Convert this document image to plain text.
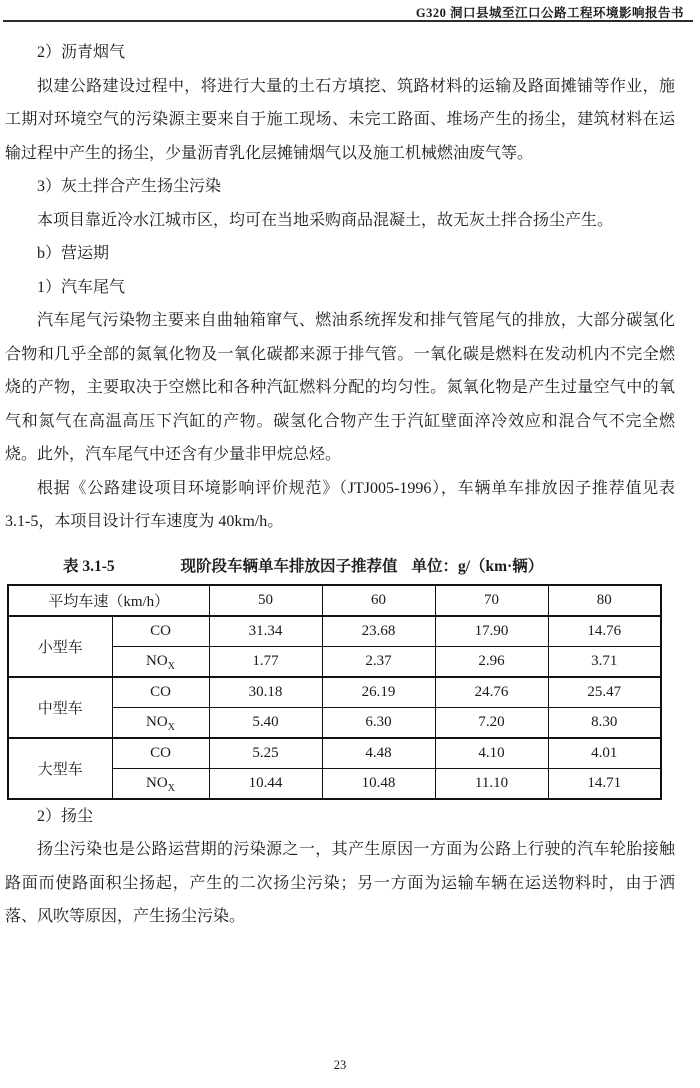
G320 洞口县城至江口公路工程环境影响报告书

2）沥青烟气

拟建公路建设过程中，将进行大量的土石方填挖、筑路材料的运输及路面摊铺等作业，施工期对环境空气的污染源主要来自于施工现场、未完工路面、堆场产生的扬尘，建筑材料在运输过程中产生的扬尘，少量沥青乳化层摊铺烟气以及施工机械燃油废气等。

3）灰土拌合产生扬尘污染

本项目靠近冷水江城市区，均可在当地采购商品混凝土，故无灰土拌合扬尘产生。

b）营运期

1）汽车尾气

汽车尾气污染物主要来自曲轴箱窜气、燃油系统挥发和排气管尾气的排放，大部分碳氢化合物和几乎全部的氮氧化物及一氧化碳都来源于排气管。一氧化碳是燃料在发动机内不完全燃烧的产物，主要取决于空燃比和各种汽缸燃料分配的均匀性。氮氧化物是产生过量空气中的氧气和氮气在高温高压下汽缸的产物。碳氢化合物产生于汽缸壁面淬冷效应和混合气不完全燃烧。此外，汽车尾气中还含有少量非甲烷总烃。

根据《公路建设项目环境影响评价规范》（JTJ005-1996），车辆单车排放因子推荐值见表 3.1-5，本项目设计行车速度为 40km/h。

表 3.1-5	现阶段车辆单车排放因子推荐值 单位：g/（km·辆）
平均车速（km/h）		50	60	70	80
小型车	CO	31.34	23.68	17.90	14.76
	$NO_X$	1.77	2.37	2.96	3.71
中型车	CO	30.18	26.19	24.76	25.47
	$NO_X$	5.40	6.30	7.20	8.30
大型车	CO	5.25	4.48	4.10	4.01
	$NO_X$	10.44	10.48	11.10	14.71

2）扬尘

扬尘污染也是公路运营期的污染源之一，其产生原因一方面为公路上行驶的汽车轮胎接触路面而使路面积尘扬起，产生的二次扬尘污染；另一方面为运输车辆在运送物料时，由于洒落、风吹等原因，产生扬尘污染。

23
